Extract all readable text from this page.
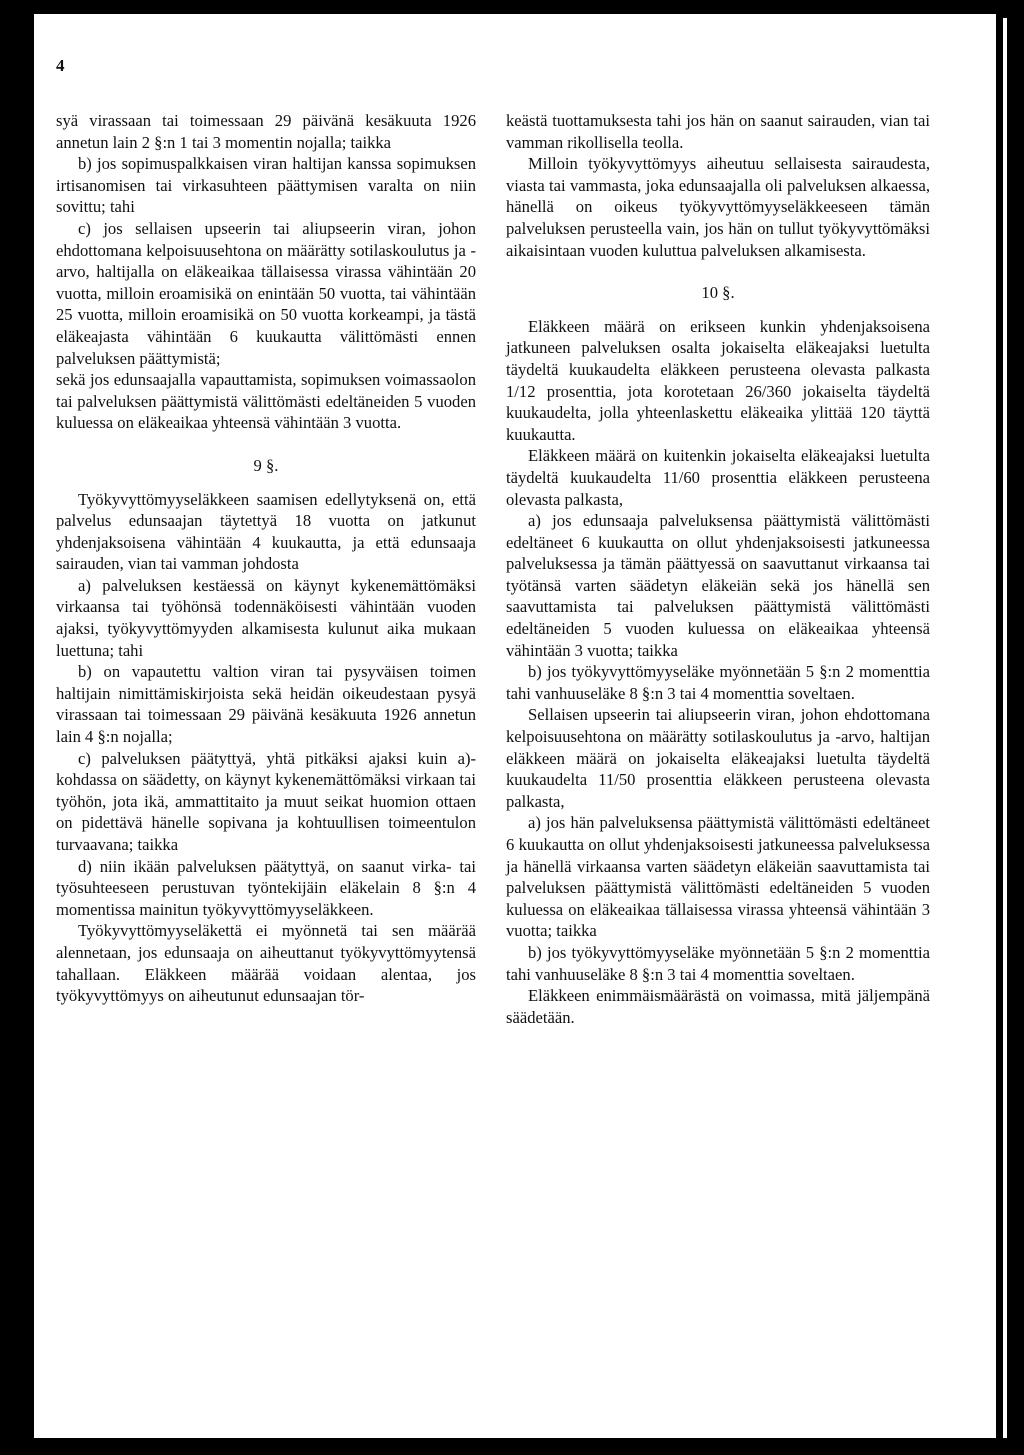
4

syä virassaan tai toimessaan 29 päivänä kesäkuuta 1926 annetun lain 2 §:n 1 tai 3 momentin nojalla; taikka

b) jos sopimuspalkkaisen viran haltijan kanssa sopimuksen irtisanomisen tai virkasuhteen päättymisen varalta on niin sovittu; tahi

c) jos sellaisen upseerin tai aliupseerin viran, johon ehdottomana kelpoisuusehtona on määrätty sotilaskoulutus ja -arvo, haltijalla on eläkeaikaa tällaisessa virassa vähintään 20 vuotta, milloin eroamisikä on enintään 50 vuotta, tai vähintään 25 vuotta, milloin eroamisikä on 50 vuotta korkeampi, ja tästä eläkeajasta vähintään 6 kuukautta välittömästi ennen palveluksen päättymistä;

sekä jos edunsaajalla vapauttamista, sopimuksen voimassaolon tai palveluksen päättymistä välittömästi edeltäneiden 5 vuoden kuluessa on eläkeaikaa yhteensä vähintään 3 vuotta.

9 §.

Työkyvyttömyyseläkkeen saamisen edellytyksenä on, että palvelus edunsaajan täytettyä 18 vuotta on jatkunut yhdenjaksoisena vähintään 4 kuukautta, ja että edunsaaja sairauden, vian tai vamman johdosta

a) palveluksen kestäessä on käynyt kykenemättömäksi virkaansa tai työhönsä todennäköisesti vähintään vuoden ajaksi, työkyvyttömyyden alkamisesta kulunut aika mukaan luettuna; tahi

b) on vapautettu valtion viran tai pysyväisen toimen haltijain nimittämiskirjoista sekä heidän oikeudestaan pysyä virassaan tai toimessaan 29 päivänä kesäkuuta 1926 annetun lain 4 §:n nojalla;

c) palveluksen päätyttyä, yhtä pitkäksi ajaksi kuin a)-kohdassa on säädetty, on käynyt kykenemättömäksi virkaan tai työhön, jota ikä, ammattitaito ja muut seikat huomion ottaen on pidettävä hänelle sopivana ja kohtuullisen toimeentulon turvaavana; taikka

d) niin ikään palveluksen päätyttyä, on saanut virka- tai työsuhteeseen perustuvan työntekijäin eläkelain 8 §:n 4 momentissa mainitun työkyvyttömyyseläkkeen.

Työkyvyttömyyseläkettä ei myönnetä tai sen määrää alennetaan, jos edunsaaja on aiheuttanut työkyvyttömyytensä tahallaan. Eläkkeen määrää voidaan alentaa, jos työkyvyttömyys on aiheutunut edunsaajan tör-

keästä tuottamuksesta tahi jos hän on saanut sairauden, vian tai vamman rikollisella teolla.

Milloin työkyvyttömyys aiheutuu sellaisesta sairaudesta, viasta tai vammasta, joka edunsaajalla oli palveluksen alkaessa, hänellä on oikeus työkyvyttömyyseläkkeeseen tämän palveluksen perusteella vain, jos hän on tullut työkyvyttömäksi aikaisintaan vuoden kuluttua palveluksen alkamisesta.

10 §.

Eläkkeen määrä on erikseen kunkin yhdenjaksoisena jatkuneen palveluksen osalta jokaiselta eläkeajaksi luetulta täydeltä kuukaudelta eläkkeen perusteena olevasta palkasta 1/12 prosenttia, jota korotetaan 26/360 jokaiselta täydeltä kuukaudelta, jolla yhteenlaskettu eläkeaika ylittää 120 täyttä kuukautta.

Eläkkeen määrä on kuitenkin jokaiselta eläkeajaksi luetulta täydeltä kuukaudelta 11/60 prosenttia eläkkeen perusteena olevasta palkasta,

a) jos edunsaaja palveluksensa päättymistä välittömästi edeltäneet 6 kuukautta on ollut yhdenjaksoisesti jatkuneessa palveluksessa ja tämän päättyessä on saavuttanut virkaansa tai työtänsä varten säädetyn eläkeiän sekä jos hänellä sen saavuttamista tai palveluksen päättymistä välittömästi edeltäneiden 5 vuoden kuluessa on eläkeaikaa yhteensä vähintään 3 vuotta; taikka

b) jos työkyvyttömyyseläke myönnetään 5 §:n 2 momenttia tahi vanhuuseläke 8 §:n 3 tai 4 momenttia soveltaen.

Sellaisen upseerin tai aliupseerin viran, johon ehdottomana kelpoisuusehtona on määrätty sotilaskoulutus ja -arvo, haltijan eläkkeen määrä on jokaiselta eläkeajaksi luetulta täydeltä kuukaudelta 11/50 prosenttia eläkkeen perusteena olevasta palkasta,

a) jos hän palveluksensa päättymistä välittömästi edeltäneet 6 kuukautta on ollut yhdenjaksoisesti jatkuneessa palveluksessa ja hänellä virkaansa varten säädetyn eläkeiän saavuttamista tai palveluksen päättymistä välittömästi edeltäneiden 5 vuoden kuluessa on eläkeaikaa tällaisessa virassa yhteensä vähintään 3 vuotta; taikka

b) jos työkyvyttömyyseläke myönnetään 5 §:n 2 momenttia tahi vanhuuseläke 8 §:n 3 tai 4 momenttia soveltaen.

Eläkkeen enimmäismäärästä on voimassa, mitä jäljempänä säädetään.
